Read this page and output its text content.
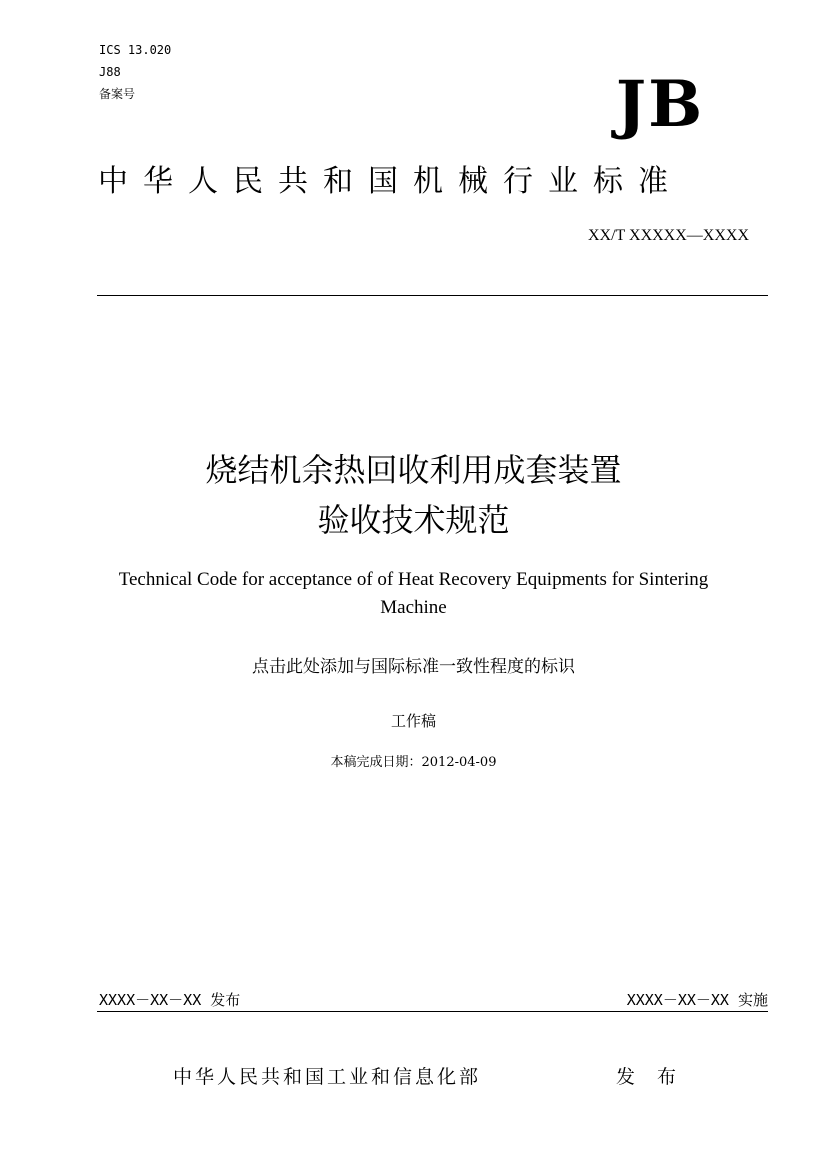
ICS 13.020
J88
备案号	JB
中华人民共和国机械行业标准
XX/T XXXXX—XXXX
烧结机余热回收利用成套装置
验收技术规范
Technical Code for acceptance of of Heat Recovery Equipments for Sintering Machine
点击此处添加与国际标准一致性程度的标识
工作稿
本稿完成日期：2012-04-09
XXXX－XX－XX 发布	XXXX－XX－XX 实施
中华人民共和国工业和信息化部	发 布
